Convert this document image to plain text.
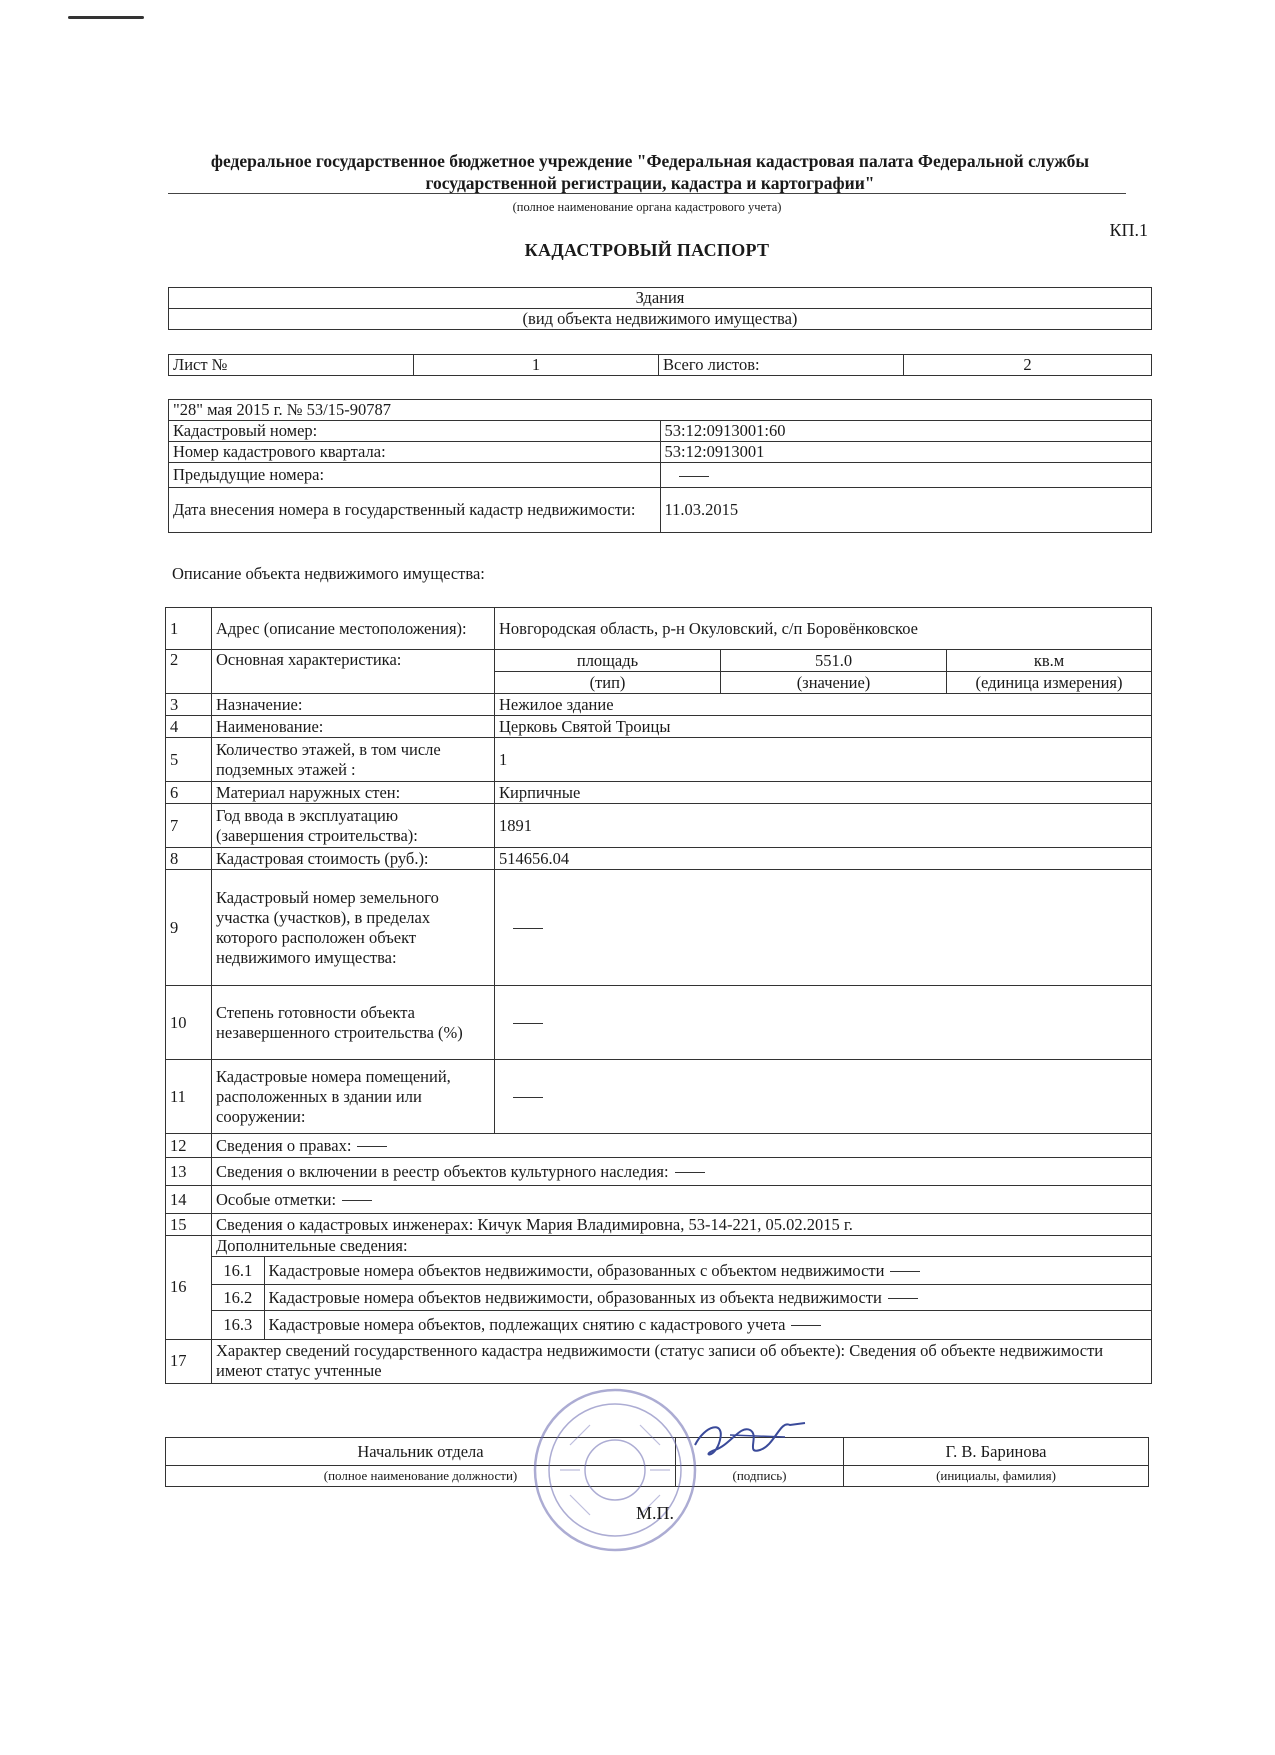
федеральное государственное бюджетное учреждение "Федеральная кадастровая палата Федеральной службы государственной регистрации, кадастра и картографии"
(полное наименование органа кадастрового учета)
КП.1
КАДАСТРОВЫЙ ПАСПОРТ
Здания
(вид объекта недвижимого имущества)
Лист №	1	Всего листов:	2
"28" мая 2015 г. № 53/15-90787	
Кадастровый номер:	53:12:0913001:60
Номер кадастрового квартала:	53:12:0913001
Предыдущие номера:	
Дата внесения номера в государственный кадастр недвижимости:	11.03.2015
Описание объекта недвижимого имущества:
1	Адрес (описание местоположения):	Новгородская область, р-н Окуловский, с/п Боровёнковское
2	Основная характеристика:	площадь	551.0	кв.м
(тип)	(значение)	(единица измерения)
3	Назначение:	Нежилое здание
4	Наименование:	Церковь Святой Троицы
5	Количество этажей, в том числе подземных этажей :	1
6	Материал наружных стен:	Кирпичные
7	Год ввода в эксплуатацию (завершения строительства):	1891
8	Кадастровая стоимость (руб.):	514656.04
9	Кадастровый номер земельного участка (участков), в пределах которого расположен объект недвижимого имущества:	
10	Степень готовности объекта незавершенного строительства (%)	
11	Кадастровые номера помещений, расположенных в здании или сооружении:	
12	Сведения о правах:
13	Сведения о включении в реестр объектов культурного наследия:
14	Особые отметки:
15	Сведения о кадастровых инженерах: Кичук Мария Владимировна, 53-14-221, 05.02.2015 г.
16	
Дополнительные сведения:
16.1	Кадастровые номера объектов недвижимости, образованных с объектом недвижимости
16.2	Кадастровые номера объектов недвижимости, образованных из объекта недвижимости
16.3	Кадастровые номера объектов, подлежащих снятию с кадастрового учета

17	Характер сведений государственного кадастра недвижимости (статус записи об объекте): Сведения об объекте недвижимости имеют статус учтенные
Начальник отдела		Г. В. Баринова
(полное наименование должности)	(подпись)	(инициалы, фамилия)
М.П.
